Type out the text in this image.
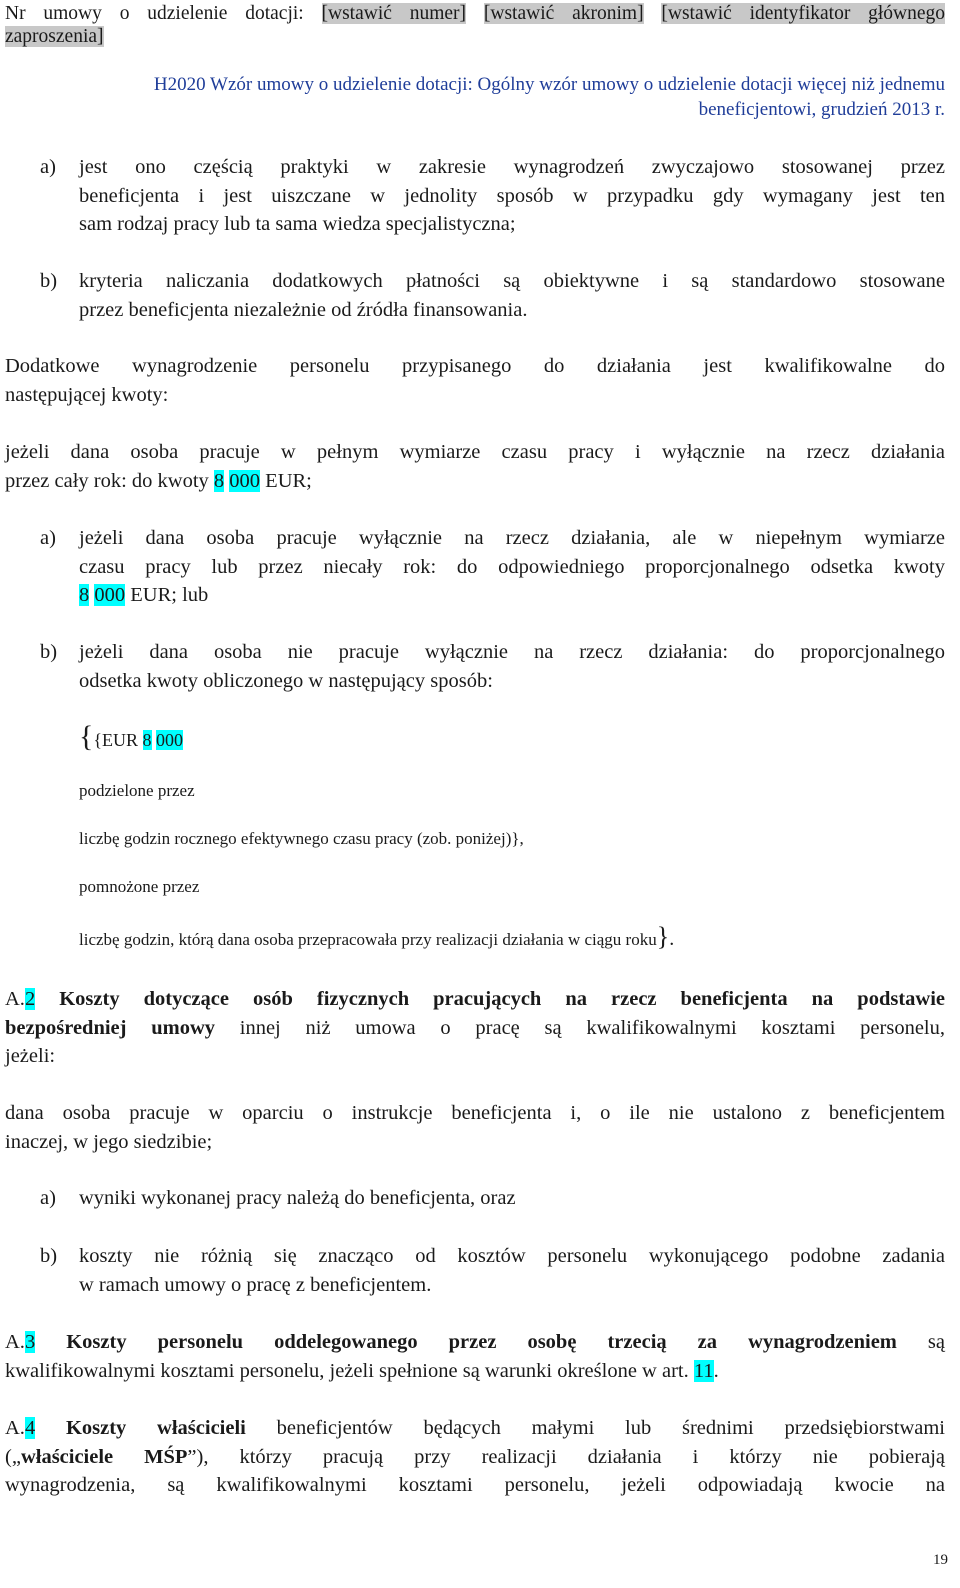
Nr umowy o udzielenie dotacji: [wstawić numer] [wstawić akronim] [wstawić identyfikator głównego
zaproszenia]
H2020 Wzór umowy o udzielenie dotacji: Ogólny wzór umowy o udzielenie dotacji więcej niż jednemu
beneficjentowi, grudzień 2013 r.
a) jest ono częścią praktyki w zakresie wynagrodzeń zwyczajowo stosowanej przez
beneficjenta i jest uiszczane w jednolity sposób w przypadku gdy wymagany jest ten
sam rodzaj pracy lub ta sama wiedza specjalistyczna;
b) kryteria naliczania dodatkowych płatności są obiektywne i są standardowo stosowane
przez beneficjenta niezależnie od źródła finansowania.
Dodatkowe wynagrodzenie personelu przypisanego do działania jest kwalifikowalne do
następującej kwoty:
jeżeli dana osoba pracuje w pełnym wymiarze czasu pracy i wyłącznie na rzecz działania
przez cały rok: do kwoty 8 000 EUR;
a) jeżeli dana osoba pracuje wyłącznie na rzecz działania, ale w niepełnym wymiarze
czasu pracy lub przez niecały rok: do odpowiedniego proporcjonalnego odsetka kwoty
8 000 EUR; lub
b) jeżeli dana osoba nie pracuje wyłącznie na rzecz działania: do proporcjonalnego
odsetka kwoty obliczonego w następujący sposób:
{{EUR 8 000
podzielone przez
liczbę godzin rocznego efektywnego czasu pracy (zob. poniżej)},
pomnożone przez
liczbę godzin, którą dana osoba przepracowała przy realizacji działania w ciągu roku}.
A.2 Koszty dotyczące osób fizycznych pracujących na rzecz beneficjenta na podstawie
bezpośredniej umowy innej niż umowa o pracę są kwalifikowalnymi kosztami personelu,
jeżeli:
dana osoba pracuje w oparciu o instrukcje beneficjenta i, o ile nie ustalono z beneficjentem
inaczej, w jego siedzibie;
a) wyniki wykonanej pracy należą do beneficjenta, oraz
b) koszty nie różnią się znacząco od kosztów personelu wykonującego podobne zadania
w ramach umowy o pracę z beneficjentem.
A.3 Koszty personelu oddelegowanego przez osobę trzecią za wynagrodzeniem są
kwalifikowalnymi kosztami personelu, jeżeli spełnione są warunki określone w art. 11.
A.4 Koszty właścicieli beneficjentów będących małymi lub średnimi przedsiębiorstwami
(„właściciele MŚP”), którzy pracują przy realizacji działania i którzy nie pobierają
wynagrodzenia, są kwalifikowalnymi kosztami personelu, jeżeli odpowiadają kwocie na
19
